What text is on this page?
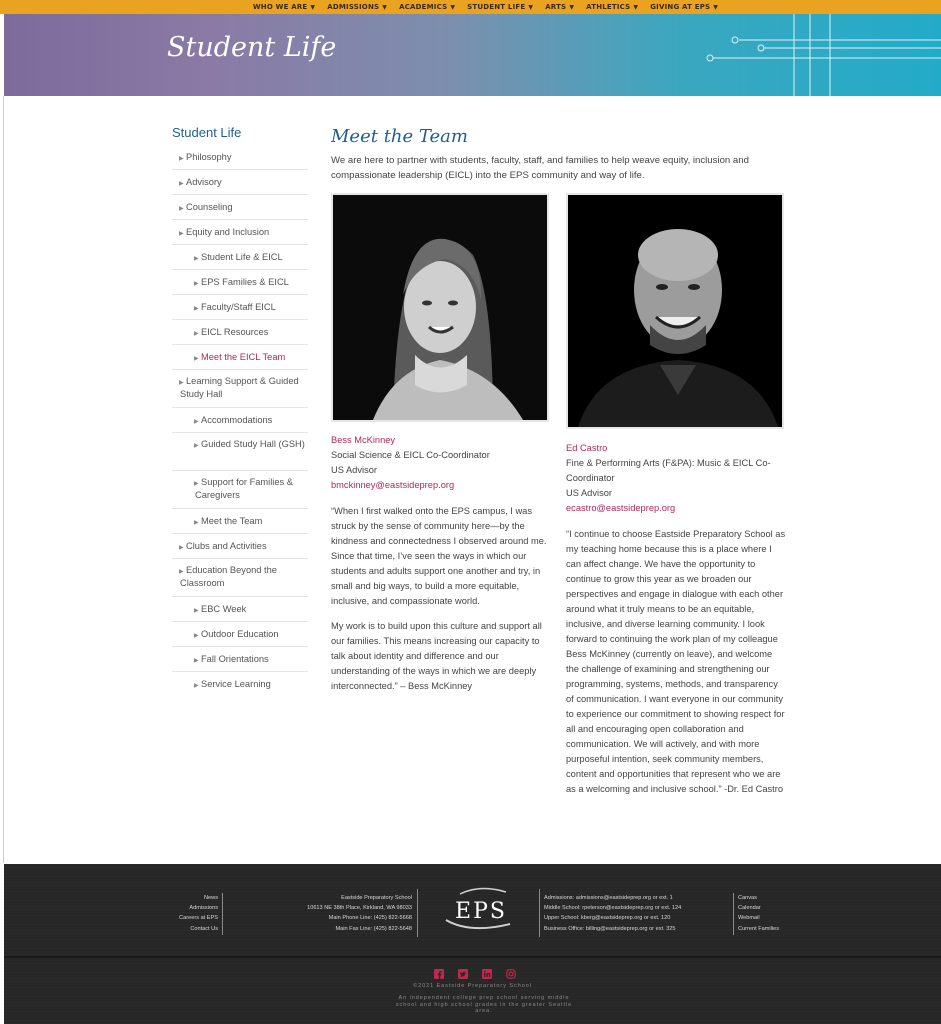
WHO WE ARE ▼ ADMISSIONS ▼ ACADEMICS ▼ STUDENT LIFE ▼ ARTS ▼ ATHLETICS ▼ GIVING AT EPS ▼
Student Life
Student Life
▶ Philosophy
▶ Advisory
▶ Counseling
▶ Equity and Inclusion
▶ Student Life & EICL
▶ EPS Families & EICL
▶ Faculty/Staff EICL
▶ EICL Resources
▶ Meet the EICL Team
▶ Learning Support & Guided Study Hall
▶ Accommodations
▶ Guided Study Hall (GSH)
▶ Support for Families & Caregivers
▶ Meet the Team
▶ Clubs and Activities
▶ Education Beyond the Classroom
▶ EBC Week
▶ Outdoor Education
▶ Fall Orientations
▶ Service Learning
Meet the Team
We are here to partner with students, faculty, staff, and families to help weave equity, inclusion and compassionate leadership (EICL) into the EPS community and way of life.
Bess McKinney
Social Science & EICL Co-Coordinator
US Advisor
bmckinney@eastsideprep.org
“When I first walked onto the EPS campus, I was struck by the sense of community here—by the kindness and connectedness I observed around me. Since that time, I’ve seen the ways in which our students and adults support one another and try, in small and big ways, to build a more equitable, inclusive, and compassionate world.
My work is to build upon this culture and support all our families. This means increasing our capacity to talk about identity and difference and our understanding of the ways in which we are deeply interconnected.” – Bess McKinney
Ed Castro
Fine & Performing Arts (F&PA): Music & EICL Co-Coordinator
US Advisor
ecastro@eastsideprep.org
“I continue to choose Eastside Preparatory School as my teaching home because this is a place where I can affect change. We have the opportunity to continue to grow this year as we broaden our perspectives and engage in dialogue with each other around what it truly means to be an equitable, inclusive, and diverse learning community. I look forward to continuing the work plan of my colleague Bess McKinney (currently on leave), and welcome the challenge of examining and strengthening our programming, systems, methods, and transparency of communication. I want everyone in our community to experience our commitment to showing respect for all and encouraging open collaboration and communication. We will actively, and with more purposeful intention, seek community members, content and opportunities that represent who we are as a welcoming and inclusive school.” -Dr. Ed Castro
News
Admissions
Careers at EPS
Contact Us
Eastside Preparatory School
10613 NE 38th Place, Kirkland, WA 98033
Main Phone Line: (425) 822-5668
Main Fax Line: (425) 822-5648
EPS
Admissions: admissions@eastsideprep.org or ext. 1
Middle School: rpeterson@eastsideprep.org or ext. 124
Upper School: kberg@eastsideprep.org or ext. 120
Business Office: billing@eastsideprep.org or ext. 325
Canvas
Calendar
Webmail
Current Families
©2021 Eastside Preparatory School
An independent college prep school serving middle school and high school grades in the greater Seattle area.
